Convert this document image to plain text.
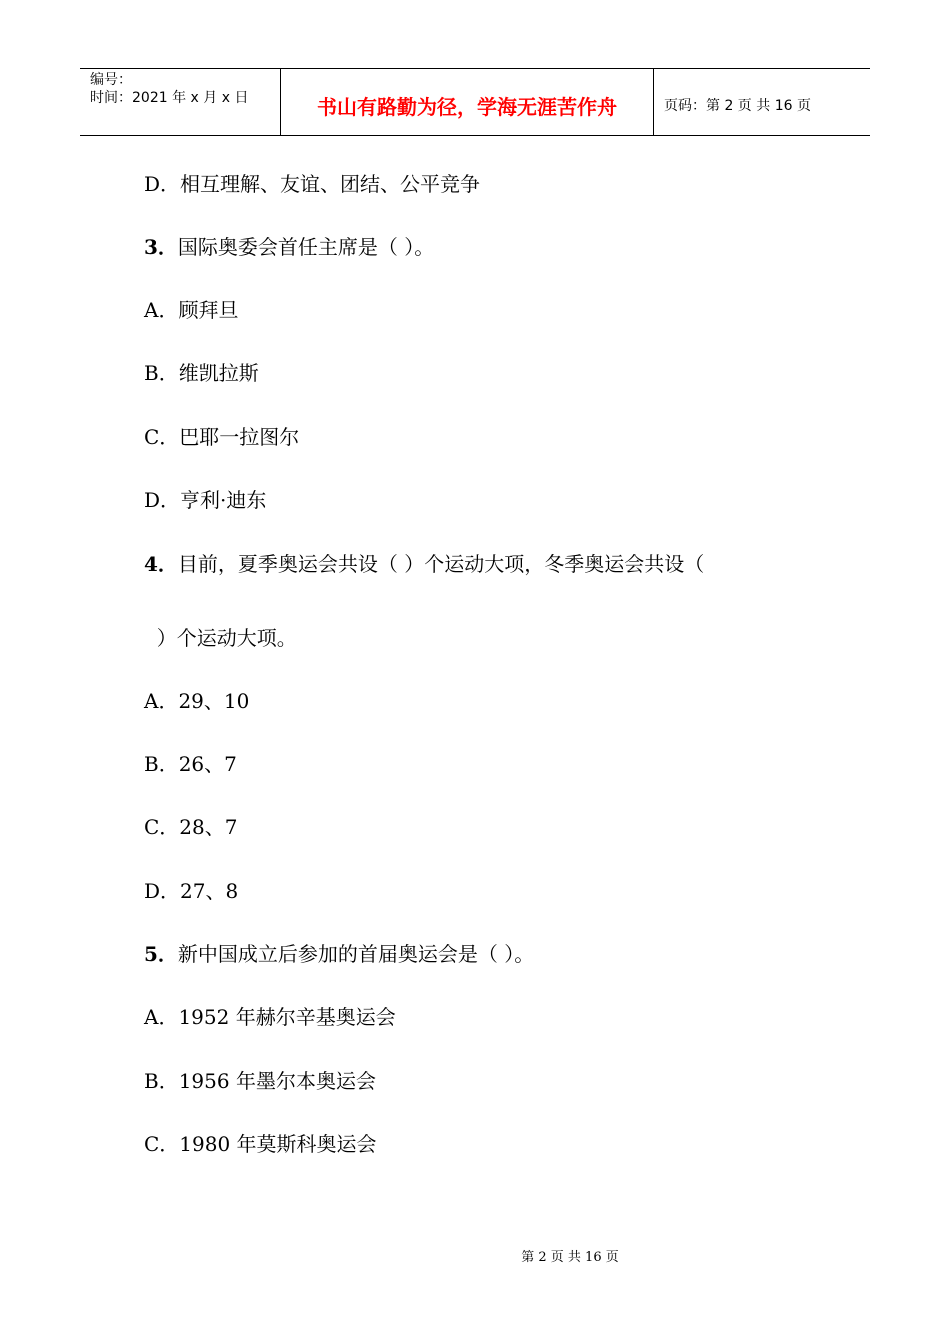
编号：
时间：2021 年 x 月 x 日	书山有路勤为径，学海无涯苦作舟	页码：第 2 页 共 16 页
D．相互理解、友谊、团结、公平竞争
3．国际奥委会首任主席是（ ）。
A．顾拜旦
B．维凯拉斯
C．巴耶一拉图尔
D．亨利·迪东
4．目前，夏季奥运会共设（ ）个运动大项，冬季奥运会共设（
）个运动大项。
A．29、10
B．26、7
C．28、7
D．27、8
5．新中国成立后参加的首届奥运会是（ ）。
A．1952 年赫尔辛基奥运会
B．1956 年墨尔本奥运会
C．1980 年莫斯科奥运会
第 2 页 共 16 页
